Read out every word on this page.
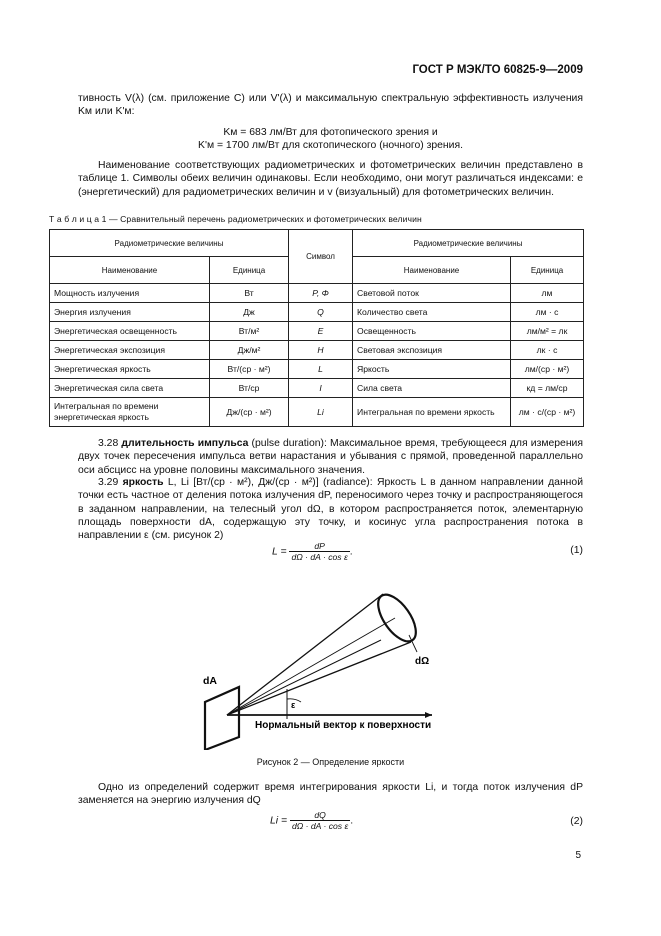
ГОСТ Р МЭК/ТО 60825-9—2009
тивность V(λ) (см. приложение С) или V'(λ) и максимальную спектральную эффективность излучения Kм или K'м:
Kм = 683 лм/Вт для фотопического зрения и
K'м = 1700 лм/Вт для скотопического (ночного) зрения.
Наименование соответствующих радиометрических и фотометрических величин представлено в таблице 1. Символы обеих величин одинаковы. Если необходимо, они могут различаться индексами: e (энергетический) для радиометрических величин и v (визуальный) для фотометрических величин.
Т а б л и ц а 1 — Сравнительный перечень радиометрических и фотометрических величин
Радиометрические величины		Символ	Радиометрические величины	
Наименование	Единица		Наименование	Единица
Мощность излучения	Вт	P, Φ	Световой поток	лм
Энергия излучения	Дж	Q	Количество света	лм · с
Энергетическая освещенность	Вт/м²	E	Освещенность	лм/м² = лк
Энергетическая экспозиция	Дж/м²	H	Световая экспозиция	лк · с
Энергетическая яркость	Вт/(ср · м²)	L	Яркость	лм/(ср · м²)
Энергетическая сила света	Вт/ср	I	Сила света	кд = лм/ср
Интегральная по времени энергетическая яркость	Дж/(ср · м²)	Li	Интегральная по времени яркость	лм · с/(ср · м²)
3.28 длительность импульса (pulse duration): Максимальное время, требующееся для измерения двух точек пересечения импульса ветви нарастания и убывания с прямой, проведенной параллельно оси абсцисс на уровне половины максимального значения.
3.29 яркость L, Li [Вт/(ср · м²), Дж/(ср · м²)] (radiance): Яркость L в данном направлении данной точки есть частное от деления потока излучения dP, переносимого через точку и распространяющегося в заданном направлении, на телесный угол dΩ, в котором распространяется поток, элементарную площадь поверхности dA, содержащую эту точку, и косинус угла распространения потока в направлении ε (см. рисунок 2)
$L = \frac{dP}{\text{dΩ · dA · cos ε}}$ .	(1)
dA
dΩ
ε
Нормальный вектор к поверхности
Рисунок 2 — Определение яркости
Одно из определений содержит время интегрирования яркости Li, и тогда поток излучения dP заменяется на энергию излучения dQ
$Li = \frac{dQ}{\text{dΩ · dA · cos ε}}$ .	(2)
5
